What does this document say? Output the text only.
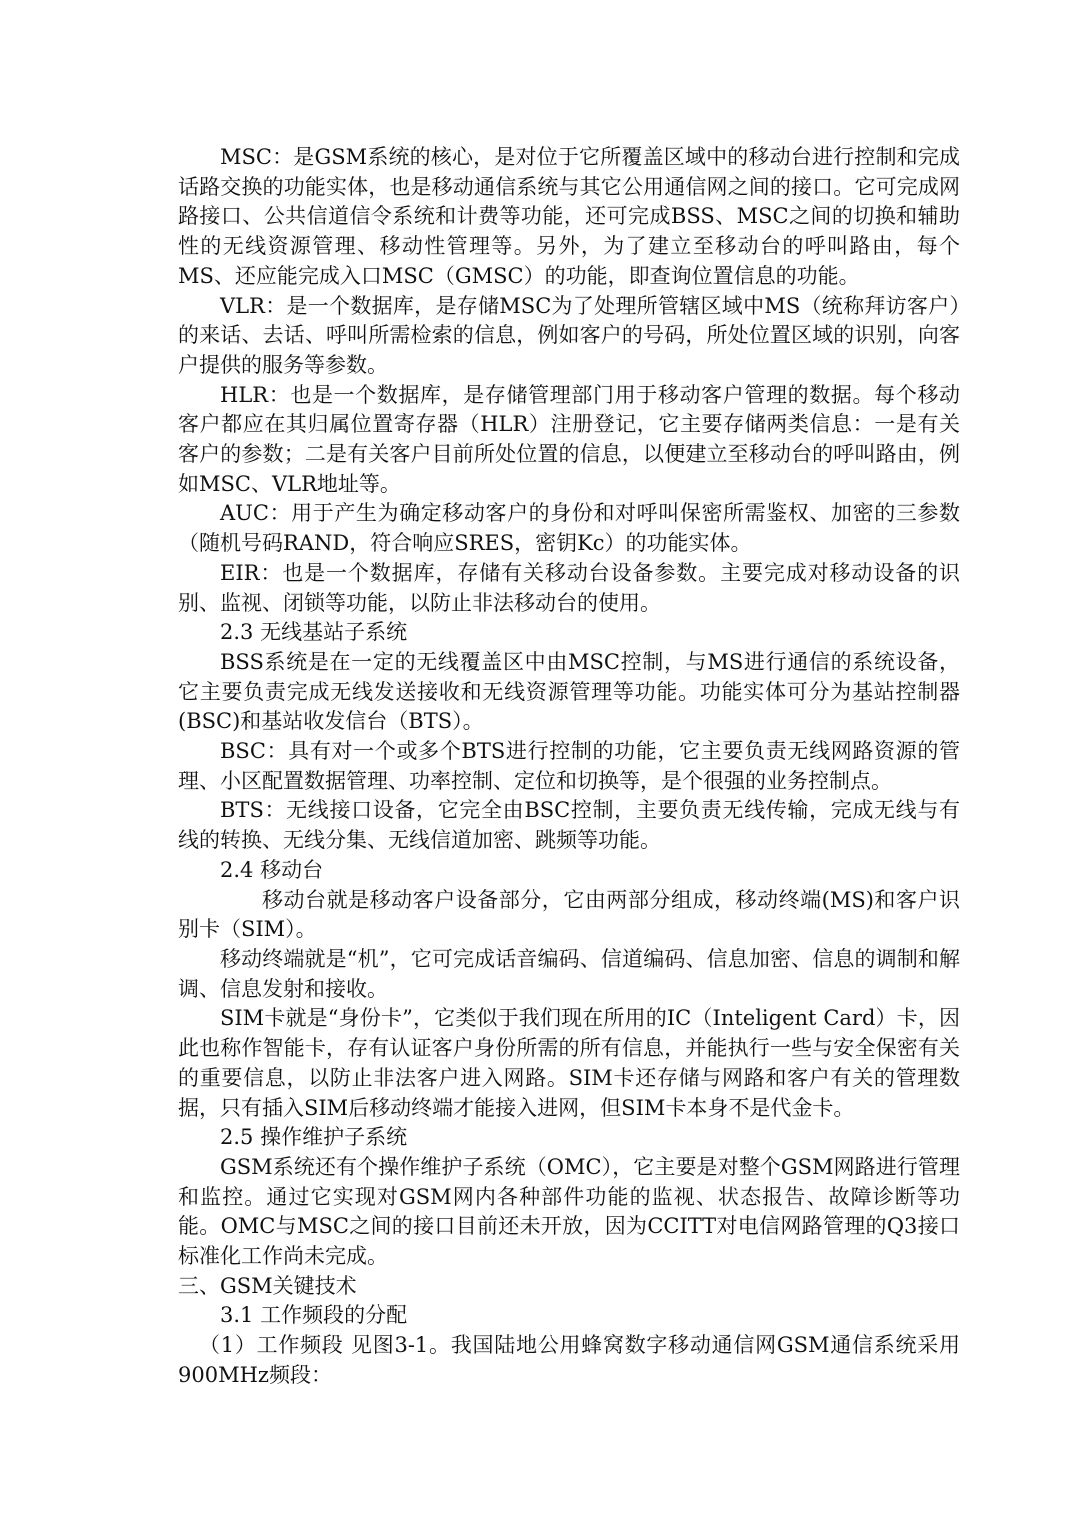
MSC：是GSM系统的核心，是对位于它所覆盖区域中的移动台进行控制和完成话路交换的功能实体，也是移动通信系统与其它公用通信网之间的接口。它可完成网路接口、公共信道信令系统和计费等功能，还可完成BSS、MSC之间的切换和辅助性的无线资源管理、移动性管理等。另外，为了建立至移动台的呼叫路由，每个MS、还应能完成入口MSC（GMSC）的功能，即查询位置信息的功能。

VLR：是一个数据库，是存储MSC为了处理所管辖区域中MS（统称拜访客户）的来话、去话、呼叫所需检索的信息，例如客户的号码，所处位置区域的识别，向客户提供的服务等参数。

HLR：也是一个数据库，是存储管理部门用于移动客户管理的数据。每个移动客户都应在其归属位置寄存器（HLR）注册登记，它主要存储两类信息：一是有关客户的参数；二是有关客户目前所处位置的信息，以便建立至移动台的呼叫路由，例如MSC、VLR地址等。

AUC：用于产生为确定移动客户的身份和对呼叫保密所需鉴权、加密的三参数（随机号码RAND，符合响应SRES，密钥Kc）的功能实体。

EIR：也是一个数据库，存储有关移动台设备参数。主要完成对移动设备的识别、监视、闭锁等功能，以防止非法移动台的使用。

2.3 无线基站子系统

BSS系统是在一定的无线覆盖区中由MSC控制，与MS进行通信的系统设备，它主要负责完成无线发送接收和无线资源管理等功能。功能实体可分为基站控制器(BSC)和基站收发信台（BTS）。

BSC：具有对一个或多个BTS进行控制的功能，它主要负责无线网路资源的管理、小区配置数据管理、功率控制、定位和切换等，是个很强的业务控制点。

BTS：无线接口设备，它完全由BSC控制，主要负责无线传输，完成无线与有线的转换、无线分集、无线信道加密、跳频等功能。

2.4 移动台

移动台就是移动客户设备部分，它由两部分组成，移动终端(MS)和客户识别卡（SIM）。

移动终端就是“机”，它可完成话音编码、信道编码、信息加密、信息的调制和解调、信息发射和接收。

SIM卡就是“身份卡”，它类似于我们现在所用的IC（Inteligent Card）卡，因此也称作智能卡，存有认证客户身份所需的所有信息，并能执行一些与安全保密有关的重要信息，以防止非法客户进入网路。SIM卡还存储与网路和客户有关的管理数据，只有插入SIM后移动终端才能接入进网，但SIM卡本身不是代金卡。

2.5 操作维护子系统

GSM系统还有个操作维护子系统（OMC），它主要是对整个GSM网路进行管理和监控。通过它实现对GSM网内各种部件功能的监视、状态报告、故障诊断等功能。OMC与MSC之间的接口目前还未开放，因为CCITT对电信网路管理的Q3接口标准化工作尚未完成。

三、GSM关键技术

3.1 工作频段的分配

（1）工作频段 见图3-1。我国陆地公用蜂窝数字移动通信网GSM通信系统采用900MHz频段：
